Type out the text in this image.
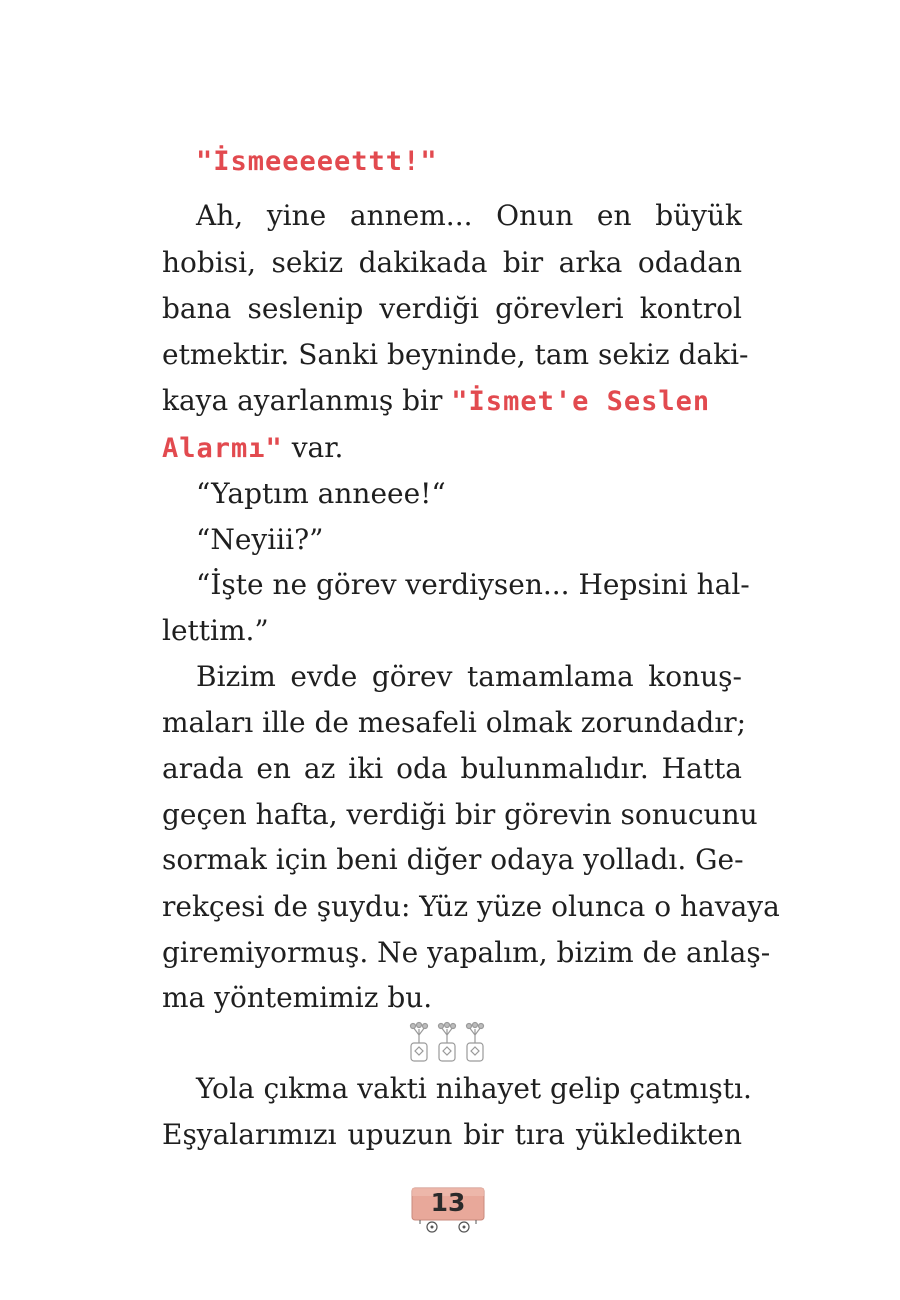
"İsmeeeeettt!"
Ah, yine annem... Onun en büyük
hobisi, sekiz dakikada bir arka odadan
bana seslenip verdiği görevleri kontrol
etmektir. Sanki beyninde, tam sekiz daki-
kaya ayarlanmış bir "İsmet'e Seslen
Alarmı" var.
“Yaptım anneee!“
“Neyiii?”
“İşte ne görev verdiysen... Hepsini hal-
lettim.”
Bizim evde görev tamamlama konuş-
maları ille de mesafeli olmak zorundadır;
arada en az iki oda bulunmalıdır. Hatta
geçen hafta, verdiği bir görevin sonucunu
sormak için beni diğer odaya yolladı. Ge-
rekçesi de şuydu: Yüz yüze olunca o havaya
giremiyormuş. Ne yapalım, bizim de anlaş-
ma yöntemimiz bu.
Yola çıkma vakti nihayet gelip çatmıştı.
Eşyalarımızı upuzun bir tıra yükledikten
13
